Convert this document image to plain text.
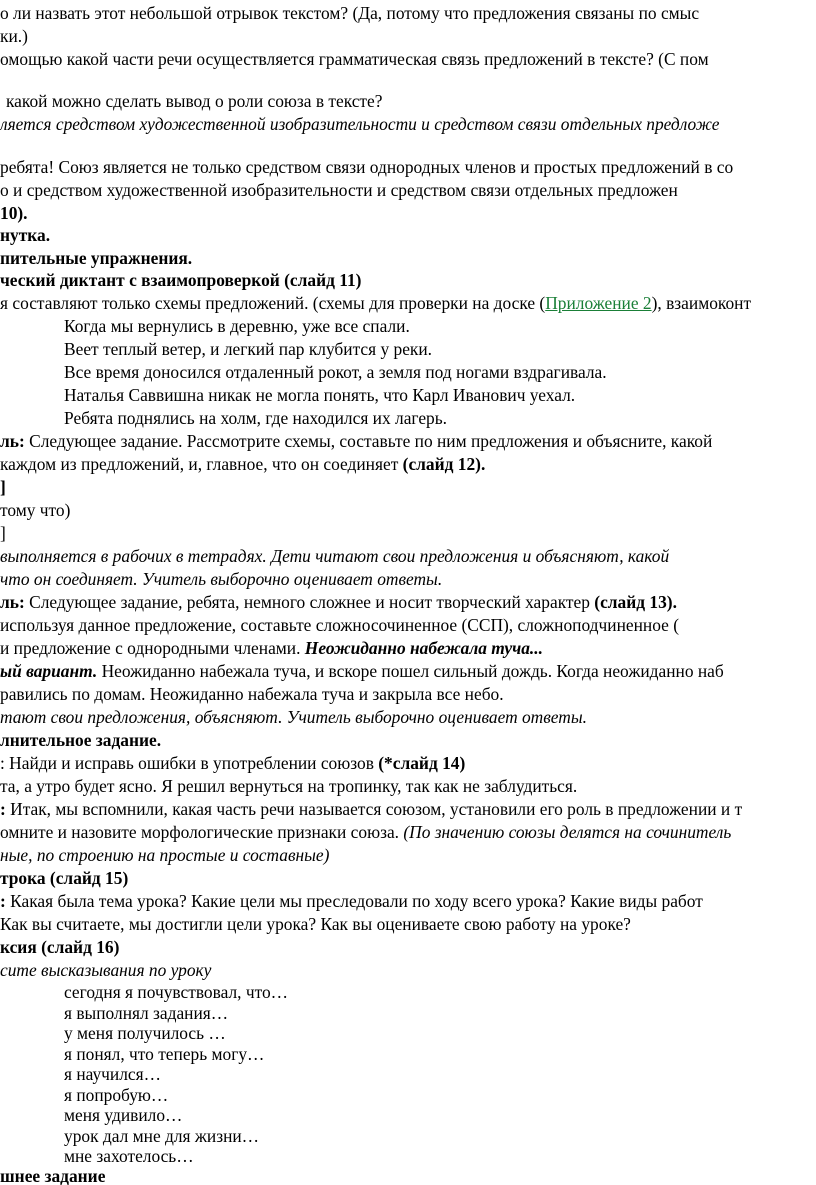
о ли назвать этот небольшой отрывок текстом? (Да, потому что предложения связаны по смыс
ки.)
омощью какой части речи осуществляется грамматическая связь предложений в тексте? (С пом
какой можно сделать вывод о роли союза в тексте?
ляется средством художественной изобразительности и средством связи отдельных предложе
ребята! Союз является не только средством связи однородных членов и простых предложений в со
о и средством художественной изобразительности и средством связи отдельных предложен
10).
нутка.
пительные упражнения.
ческий диктант с взаимопроверкой (слайд 11)
я составляют только схемы предложений. (схемы для проверки на доске (Приложение 2), взаимоконт
Когда мы вернулись в деревню, уже все спали.
Веет теплый ветер, и легкий пар клубится у реки.
Все время доносился отдаленный рокот, а земля под ногами вздрагивала.
Наталья Саввишна никак не могла понять, что Карл Иванович уехал.
Ребята поднялись на холм, где находился их лагерь.
ль: Следующее задание. Рассмотрите схемы, составьте по ним предложения и объясните, какой
каждом из предложений, и, главное, что он соединяет (слайд 12).
]
тому что)
]
выполняется в рабочих в тетрадях. Дети читают свои предложения и объясняют, какой
что он соединяет. Учитель выборочно оценивает ответы.
ль: Следующее задание, ребята, немного сложнее и носит творческий характер (слайд 13).
используя данное предложение, составьте сложносочиненное (ССП), сложноподчиненное (
и предложение с однородными членами. Неожиданно набежала туча...
ый вариант. Неожиданно набежала туча, и вскоре пошел сильный дождь. Когда неожиданно наб
равились по домам. Неожиданно набежала туча и закрыла все небо.
тают свои предложения, объясняют. Учитель выборочно оценивает ответы.
лнительное задание.
: Найди и исправь ошибки в употреблении союзов (*слайд 14)
та, а утро будет ясно. Я решил вернуться на тропинку, так как не заблудиться.
: Итак, мы вспомнили, какая часть речи называется союзом, установили его роль в предложении и т
омните и назовите морфологические признаки союза. (По значению союзы делятся на сочинитель
ные, по строению на простые и составные)
трока (слайд 15)
: Какая была тема урока? Какие цели мы преследовали по ходу всего урока? Какие виды работ
Как вы считаете, мы достигли цели урока? Как вы оцениваете свою работу на уроке?
ксия (слайд 16)
сите высказывания по уроку
сегодня я почувствовал, что…
я выполнял задания…
у меня получилось …
я понял, что теперь могу…
я научился…
я попробую…
меня удивило…
урок дал мне для жизни…
мне захотелось…
шнее задание
